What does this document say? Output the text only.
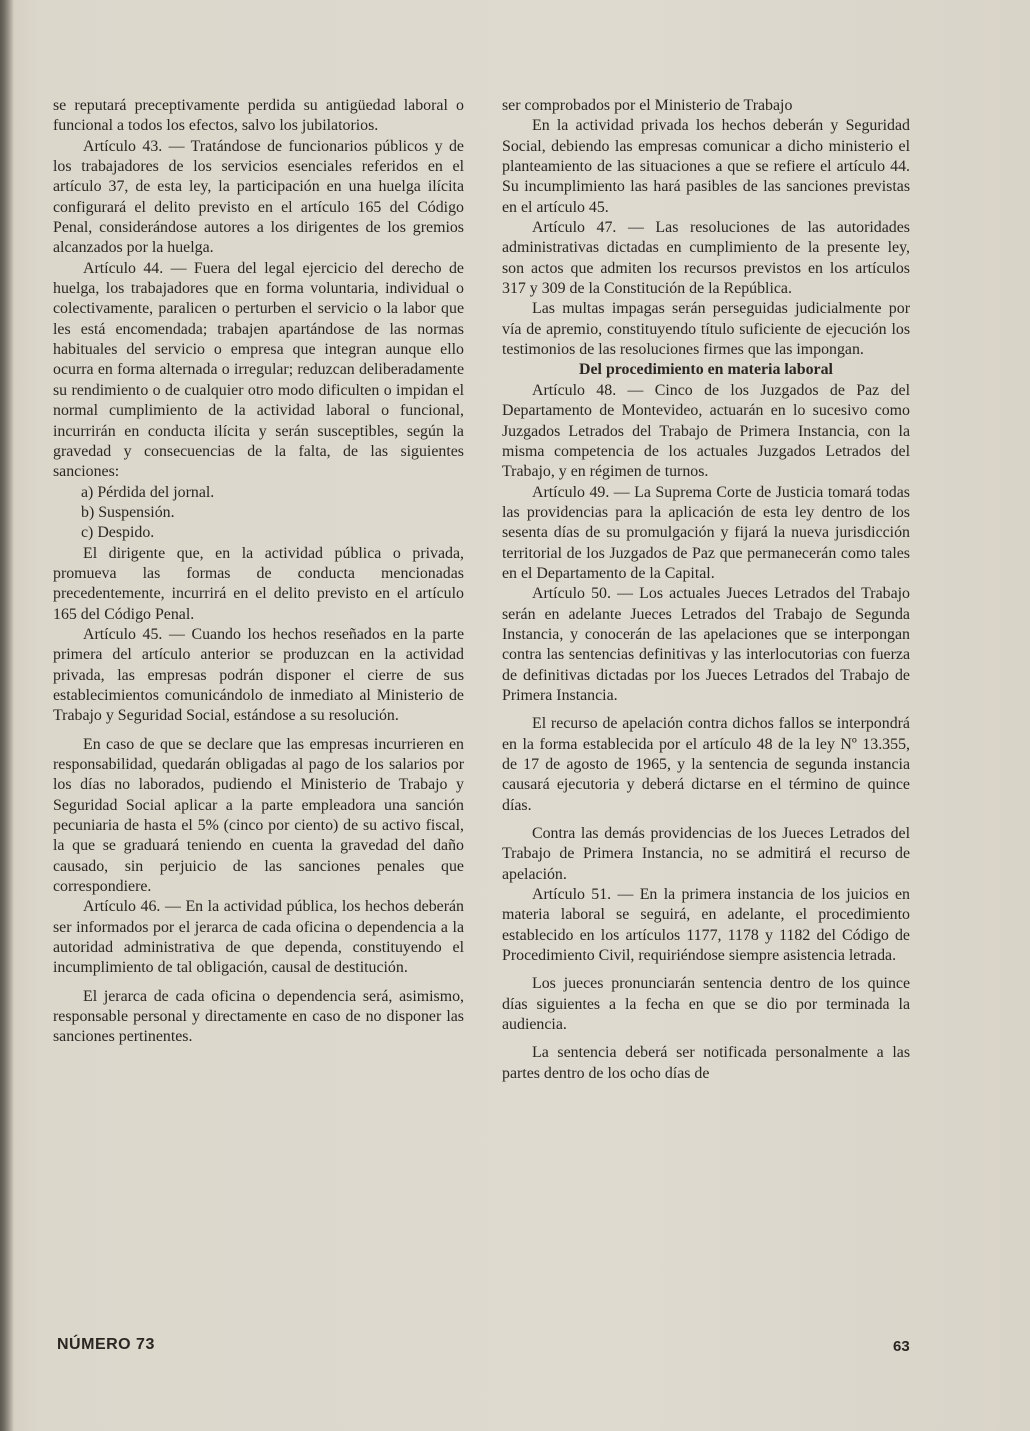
se reputará preceptivamente perdida su antigüedad laboral o funcional a todos los efectos, salvo los jubilatorios.

Artículo 43. — Tratándose de funcionarios públicos y de los trabajadores de los servicios esenciales referidos en el artículo 37, de esta ley, la participación en una huelga ilícita configurará el delito previsto en el artículo 165 del Código Penal, considerándose autores a los dirigentes de los gremios alcanzados por la huelga.

Artículo 44. — Fuera del legal ejercicio del derecho de huelga, los trabajadores que en forma voluntaria, individual o colectivamente, paralicen o perturben el servicio o la labor que les está encomendada; trabajen apartándose de las normas habituales del servicio o empresa que integran aunque ello ocurra en forma alternada o irregular; reduzcan deliberadamente su rendimiento o de cualquier otro modo dificulten o impidan el normal cumplimiento de la actividad laboral o funcional, incurrirán en conducta ilícita y serán susceptibles, según la gravedad y consecuencias de la falta, de las siguientes sanciones:

a) Pérdida del jornal.

b) Suspensión.

c) Despido.

El dirigente que, en la actividad pública o privada, promueva las formas de conducta mencionadas precedentemente, incurrirá en el delito previsto en el artículo 165 del Código Penal.

Artículo 45. — Cuando los hechos reseñados en la parte primera del artículo anterior se produzcan en la actividad privada, las empresas podrán disponer el cierre de sus establecimientos comunicándolo de inmediato al Ministerio de Trabajo y Seguridad Social, estándose a su resolución.

En caso de que se declare que las empresas incurrieren en responsabilidad, quedarán obligadas al pago de los salarios por los días no laborados, pudiendo el Ministerio de Trabajo y Seguridad Social aplicar a la parte empleadora una sanción pecuniaria de hasta el 5% (cinco por ciento) de su activo fiscal, la que se graduará teniendo en cuenta la gravedad del daño causado, sin perjuicio de las sanciones penales que correspondiere.

Artículo 46. — En la actividad pública, los hechos deberán ser informados por el jerarca de cada oficina o dependencia a la autoridad administrativa de que dependa, constituyendo el incumplimiento de tal obligación, causal de destitución.

El jerarca de cada oficina o dependencia será, asimismo, responsable personal y directamente en caso de no disponer las sanciones pertinentes.

ser comprobados por el Ministerio de Trabajo

En la actividad privada los hechos deberán y Seguridad Social, debiendo las empresas comunicar a dicho ministerio el planteamiento de las situaciones a que se refiere el artículo 44. Su incumplimiento las hará pasibles de las sanciones previstas en el artículo 45.

Artículo 47. — Las resoluciones de las autoridades administrativas dictadas en cumplimiento de la presente ley, son actos que admiten los recursos previstos en los artículos 317 y 309 de la Constitución de la República.

Las multas impagas serán perseguidas judicialmente por vía de apremio, constituyendo título suficiente de ejecución los testimonios de las resoluciones firmes que las impongan.

Del procedimiento en materia laboral

Artículo 48. — Cinco de los Juzgados de Paz del Departamento de Montevideo, actuarán en lo sucesivo como Juzgados Letrados del Trabajo de Primera Instancia, con la misma competencia de los actuales Juzgados Letrados del Trabajo, y en régimen de turnos.

Artículo 49. — La Suprema Corte de Justicia tomará todas las providencias para la aplicación de esta ley dentro de los sesenta días de su promulgación y fijará la nueva jurisdicción territorial de los Juzgados de Paz que permanecerán como tales en el Departamento de la Capital.

Artículo 50. — Los actuales Jueces Letrados del Trabajo serán en adelante Jueces Letrados del Trabajo de Segunda Instancia, y conocerán de las apelaciones que se interpongan contra las sentencias definitivas y las interlocutorias con fuerza de definitivas dictadas por los Jueces Letrados del Trabajo de Primera Instancia.

El recurso de apelación contra dichos fallos se interpondrá en la forma establecida por el artículo 48 de la ley Nº 13.355, de 17 de agosto de 1965, y la sentencia de segunda instancia causará ejecutoria y deberá dictarse en el término de quince días.

Contra las demás providencias de los Jueces Letrados del Trabajo de Primera Instancia, no se admitirá el recurso de apelación.

Artículo 51. — En la primera instancia de los juicios en materia laboral se seguirá, en adelante, el procedimiento establecido en los artículos 1177, 1178 y 1182 del Código de Procedimiento Civil, requiriéndose siempre asistencia letrada.

Los jueces pronunciarán sentencia dentro de los quince días siguientes a la fecha en que se dio por terminada la audiencia.

La sentencia deberá ser notificada personalmente a las partes dentro de los ocho días de

NÚMERO 73	63
